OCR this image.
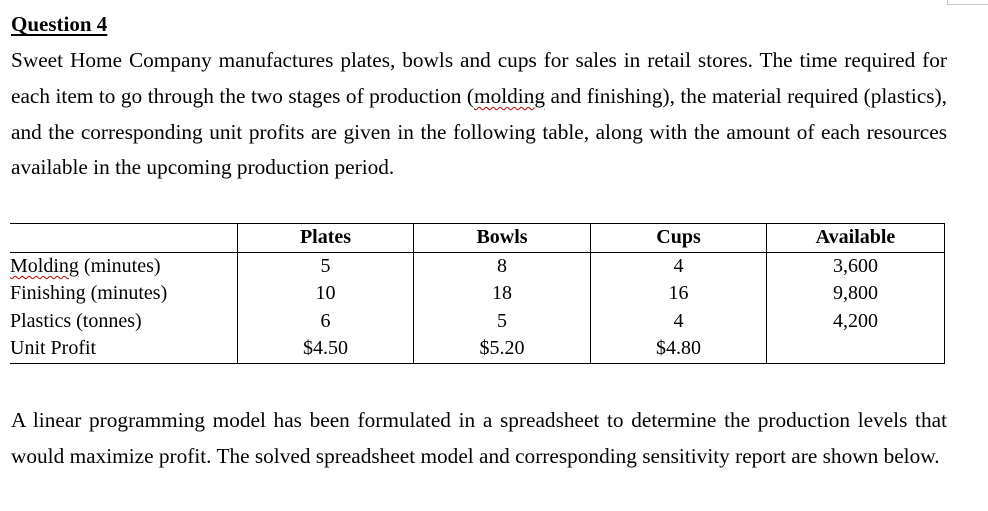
Question 4

Sweet Home Company manufactures plates, bowls and cups for sales in retail stores. The time required for each item to go through the two stages of production (molding and finishing), the material required (plastics), and the corresponding unit profits are given in the following table, along with the amount of each resources available in the upcoming production period.

	Plates	Bowls	Cups	Available
Molding (minutes)	5	8	4	3,600
Finishing (minutes)	10	18	16	9,800
Plastics (tonnes)	6	5	4	4,200
Unit Profit	$4.50	$5.20	$4.80	

A linear programming model has been formulated in a spreadsheet to determine the production levels that would maximize profit. The solved spreadsheet model and corresponding sensitivity report are shown below.
